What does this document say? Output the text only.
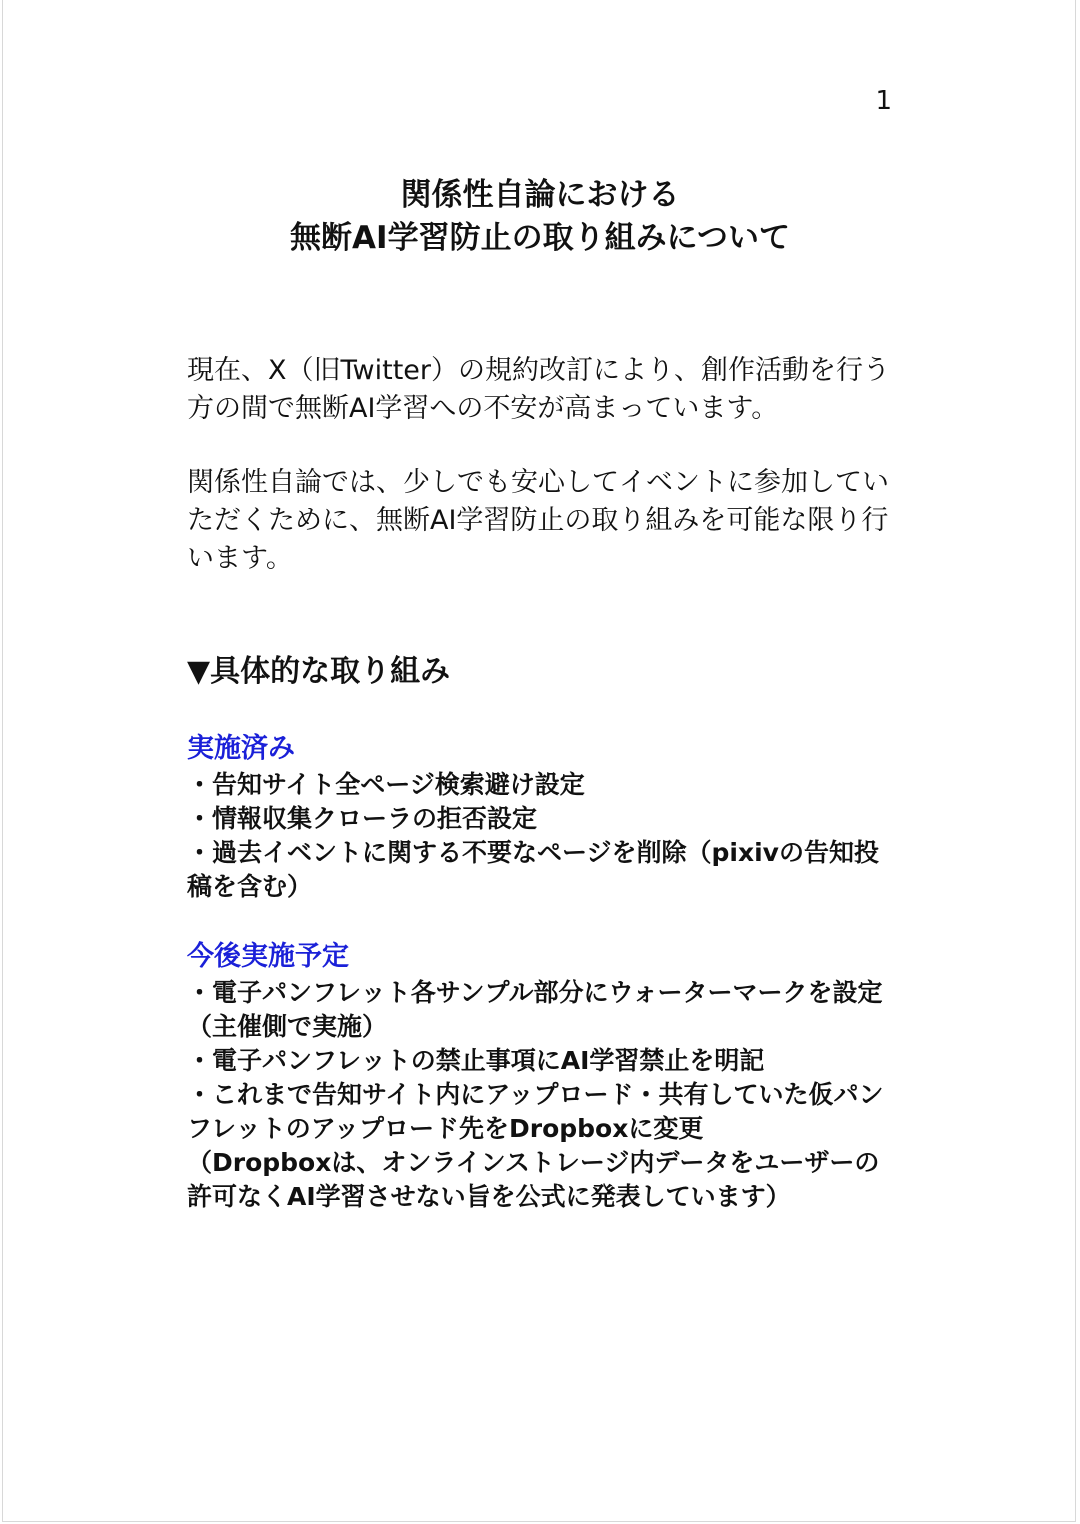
1
関係性自論における
無断AI学習防止の取り組みについて

現在、X（旧Twitter）の規約改訂により、創作活動を行う方の間で無断AI学習への不安が高まっています。

関係性自論では、少しでも安心してイベントに参加していただくために、無断AI学習防止の取り組みを可能な限り行います。

▼具体的な取り組み
実施済み

・告知サイト全ページ検索避け設定

・情報収集クローラの拒否設定

・過去イベントに関する不要なページを削除（pixivの告知投稿を含む）

今後実施予定

・電子パンフレット各サンプル部分にウォーターマークを設定（主催側で実施）

・電子パンフレットの禁止事項にAI学習禁止を明記

・これまで告知サイト内にアップロード・共有していた仮パンフレットのアップロード先をDropboxに変更

（Dropboxは、オンラインストレージ内データをユーザーの許可なくAI学習させない旨を公式に発表しています）
